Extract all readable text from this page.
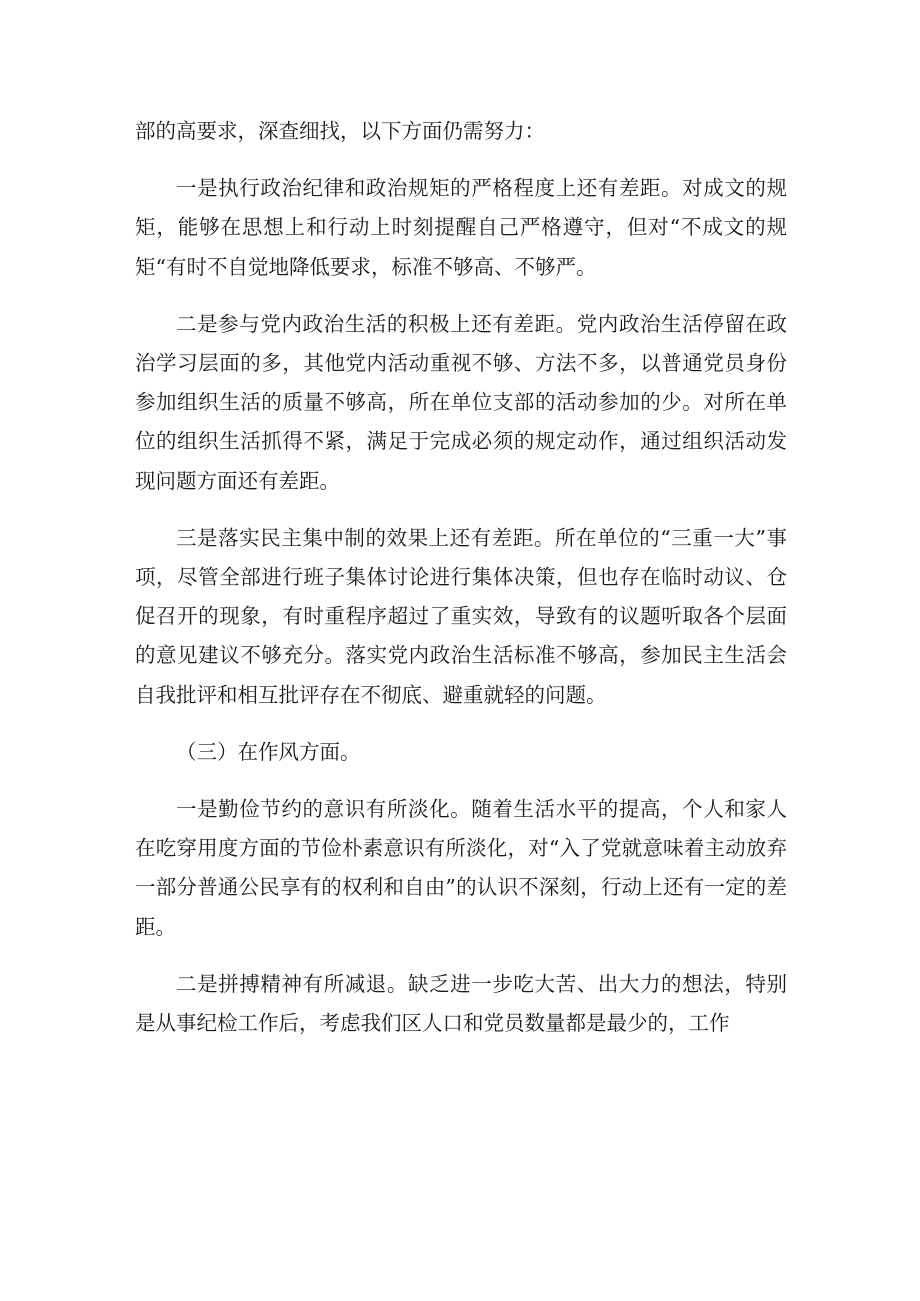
部的高要求，深查细找，以下方面仍需努力：

一是执行政治纪律和政治规矩的严格程度上还有差距。对成文的规矩，能够在思想上和行动上时刻提醒自己严格遵守，但对“不成文的规矩“有时不自觉地降低要求，标准不够高、不够严。

二是参与党内政治生活的积极上还有差距。党内政治生活停留在政治学习层面的多，其他党内活动重视不够、方法不多，以普通党员身份参加组织生活的质量不够高，所在单位支部的活动参加的少。对所在单位的组织生活抓得不紧，满足于完成必须的规定动作，通过组织活动发现问题方面还有差距。

三是落实民主集中制的效果上还有差距。所在单位的“三重一大”事项，尽管全部进行班子集体讨论进行集体决策，但也存在临时动议、仓促召开的现象，有时重程序超过了重实效，导致有的议题听取各个层面的意见建议不够充分。落实党内政治生活标准不够高，参加民主生活会自我批评和相互批评存在不彻底、避重就轻的问题。

（三）在作风方面。

一是勤俭节约的意识有所淡化。随着生活水平的提高，个人和家人在吃穿用度方面的节俭朴素意识有所淡化，对“入了党就意味着主动放弃一部分普通公民享有的权利和自由”的认识不深刻，行动上还有一定的差距。

二是拼搏精神有所减退。缺乏进一步吃大苦、出大力的想法，特别是从事纪检工作后，考虑我们区人口和党员数量都是最少的，工作
